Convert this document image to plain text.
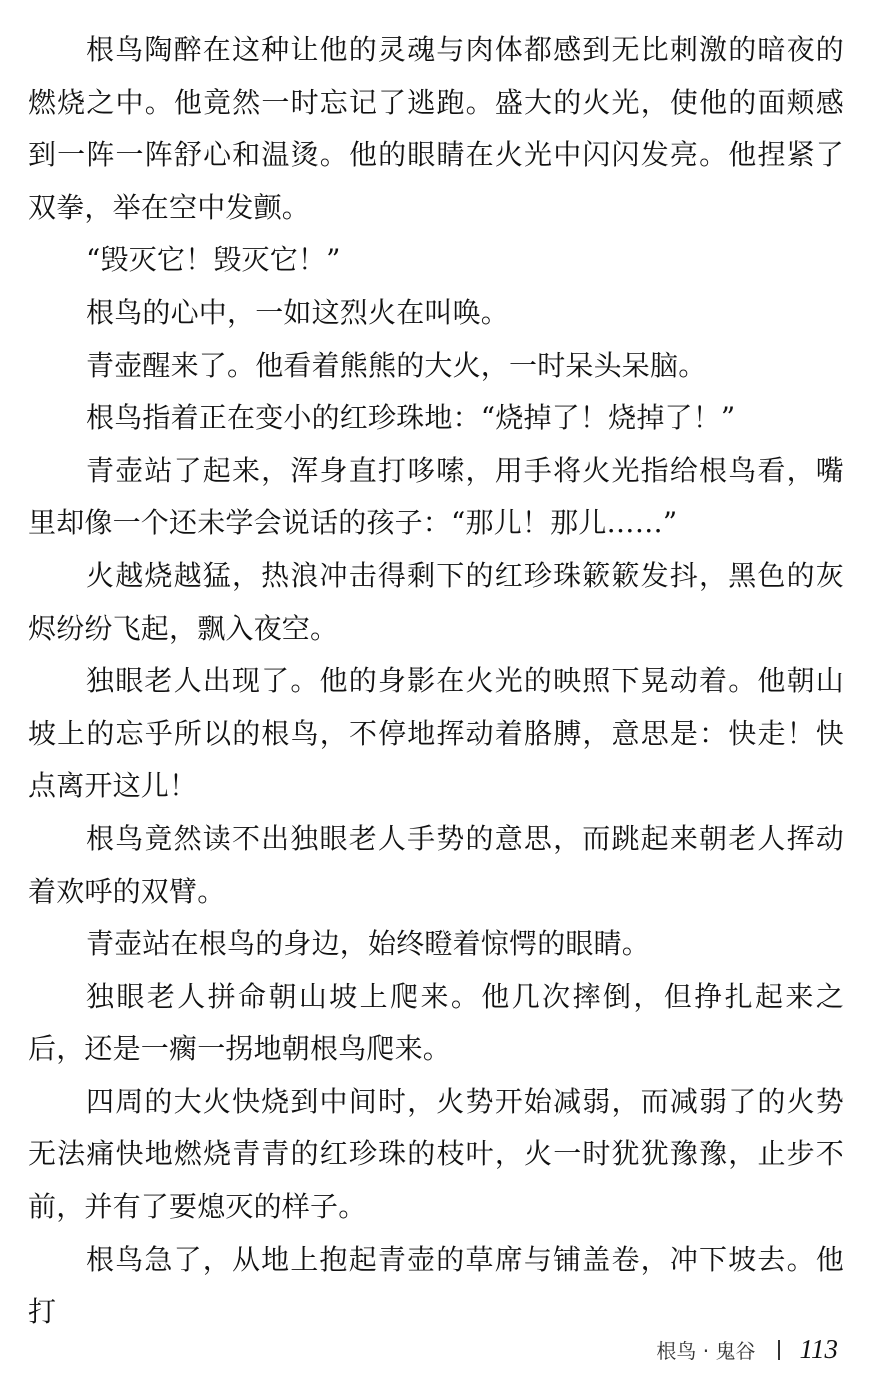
根鸟陶醉在这种让他的灵魂与肉体都感到无比刺激的暗夜的燃烧之中。他竟然一时忘记了逃跑。盛大的火光，使他的面颊感到一阵一阵舒心和温烫。他的眼睛在火光中闪闪发亮。他捏紧了双拳，举在空中发颤。

“毁灭它！毁灭它！”

根鸟的心中，一如这烈火在叫唤。

青壶醒来了。他看着熊熊的大火，一时呆头呆脑。

根鸟指着正在变小的红珍珠地：“烧掉了！烧掉了！”

青壶站了起来，浑身直打哆嗦，用手将火光指给根鸟看，嘴里却像一个还未学会说话的孩子：“那儿！那儿……”

火越烧越猛，热浪冲击得剩下的红珍珠簌簌发抖，黑色的灰烬纷纷飞起，飘入夜空。

独眼老人出现了。他的身影在火光的映照下晃动着。他朝山坡上的忘乎所以的根鸟，不停地挥动着胳膊，意思是：快走！快点离开这儿！

根鸟竟然读不出独眼老人手势的意思，而跳起来朝老人挥动着欢呼的双臂。

青壶站在根鸟的身边，始终瞪着惊愕的眼睛。

独眼老人拼命朝山坡上爬来。他几次摔倒，但挣扎起来之后，还是一瘸一拐地朝根鸟爬来。

四周的大火快烧到中间时，火势开始减弱，而减弱了的火势无法痛快地燃烧青青的红珍珠的枝叶，火一时犹犹豫豫，止步不前，并有了要熄灭的样子。

根鸟急了，从地上抱起青壶的草席与铺盖卷，冲下坡去。他打

根鸟 · 鬼谷 113
